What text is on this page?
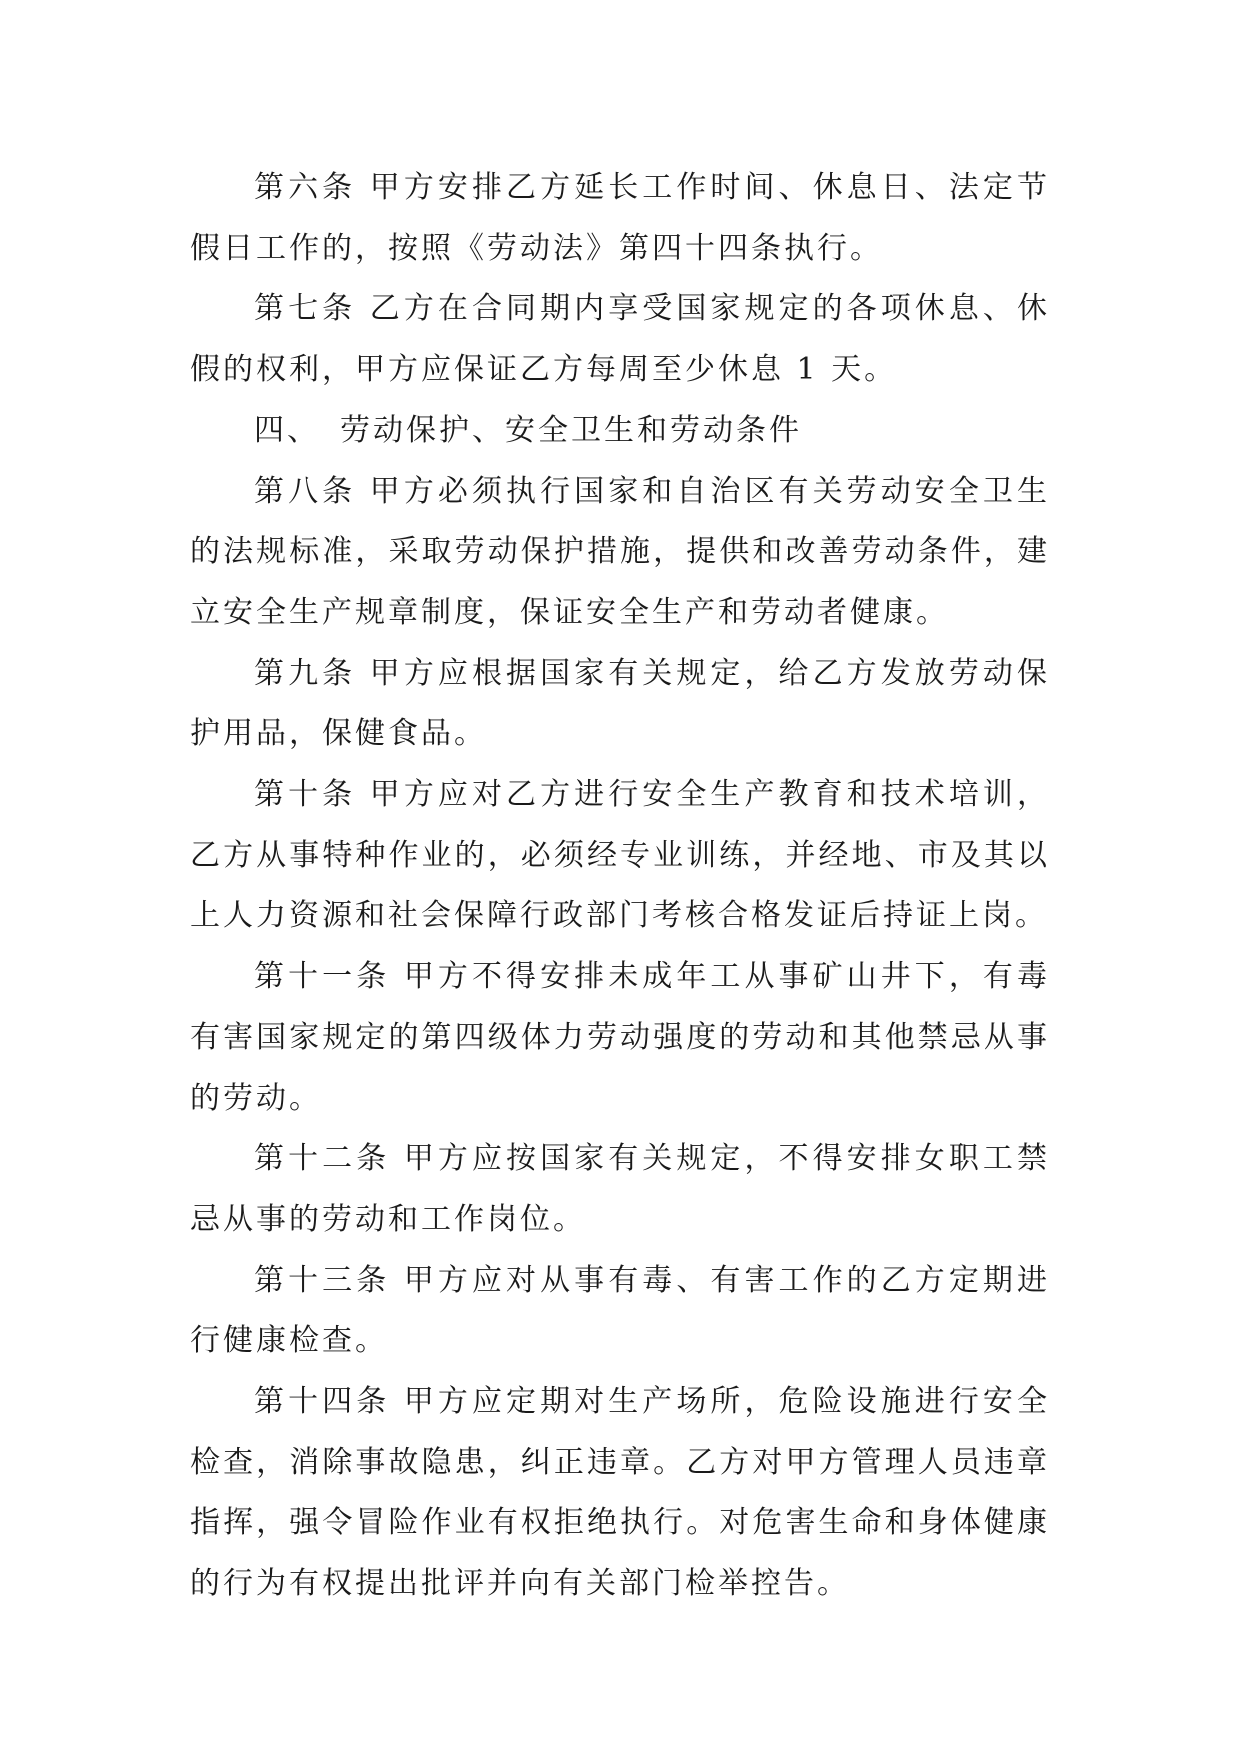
第六条 甲方安排乙方延长工作时间、休息日、法定节假日工作的，按照《劳动法》第四十四条执行。

第七条 乙方在合同期内享受国家规定的各项休息、休假的权利，甲方应保证乙方每周至少休息 1 天。

四、 劳动保护、安全卫生和劳动条件

第八条 甲方必须执行国家和自治区有关劳动安全卫生的法规标准，采取劳动保护措施，提供和改善劳动条件，建立安全生产规章制度，保证安全生产和劳动者健康。

第九条 甲方应根据国家有关规定，给乙方发放劳动保护用品，保健食品。

第十条 甲方应对乙方进行安全生产教育和技术培训，乙方从事特种作业的，必须经专业训练，并经地、市及其以上人力资源和社会保障行政部门考核合格发证后持证上岗。

第十一条 甲方不得安排未成年工从事矿山井下，有毒有害国家规定的第四级体力劳动强度的劳动和其他禁忌从事的劳动。

第十二条 甲方应按国家有关规定，不得安排女职工禁忌从事的劳动和工作岗位。

第十三条 甲方应对从事有毒、有害工作的乙方定期进行健康检查。

第十四条 甲方应定期对生产场所，危险设施进行安全检查，消除事故隐患，纠正违章。乙方对甲方管理人员违章指挥，强令冒险作业有权拒绝执行。对危害生命和身体健康的行为有权提出批评并向有关部门检举控告。
